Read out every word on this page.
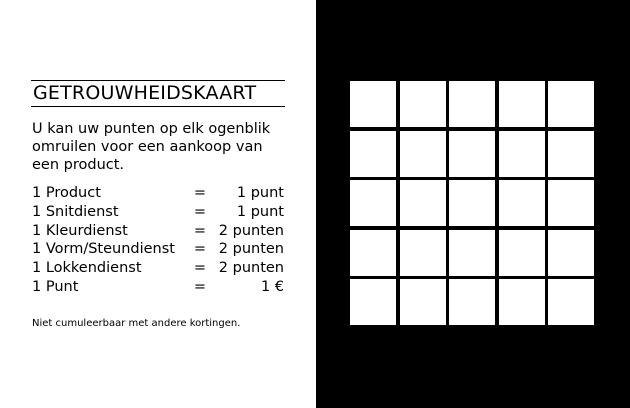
GETROUWHEIDSKAART
U kan uw punten op elk ogenblik omruilen voor een aankoop van een product.
1 Product	= 1 punt
1 Snitdienst	= 1 punt
1 Kleurdienst	= 2 punten
1 Vorm/Steundienst = 2 punten
1 Lokkendienst	= 2 punten
1 Punt	=	1 €
Niet cumuleerbaar met andere kortingen.
